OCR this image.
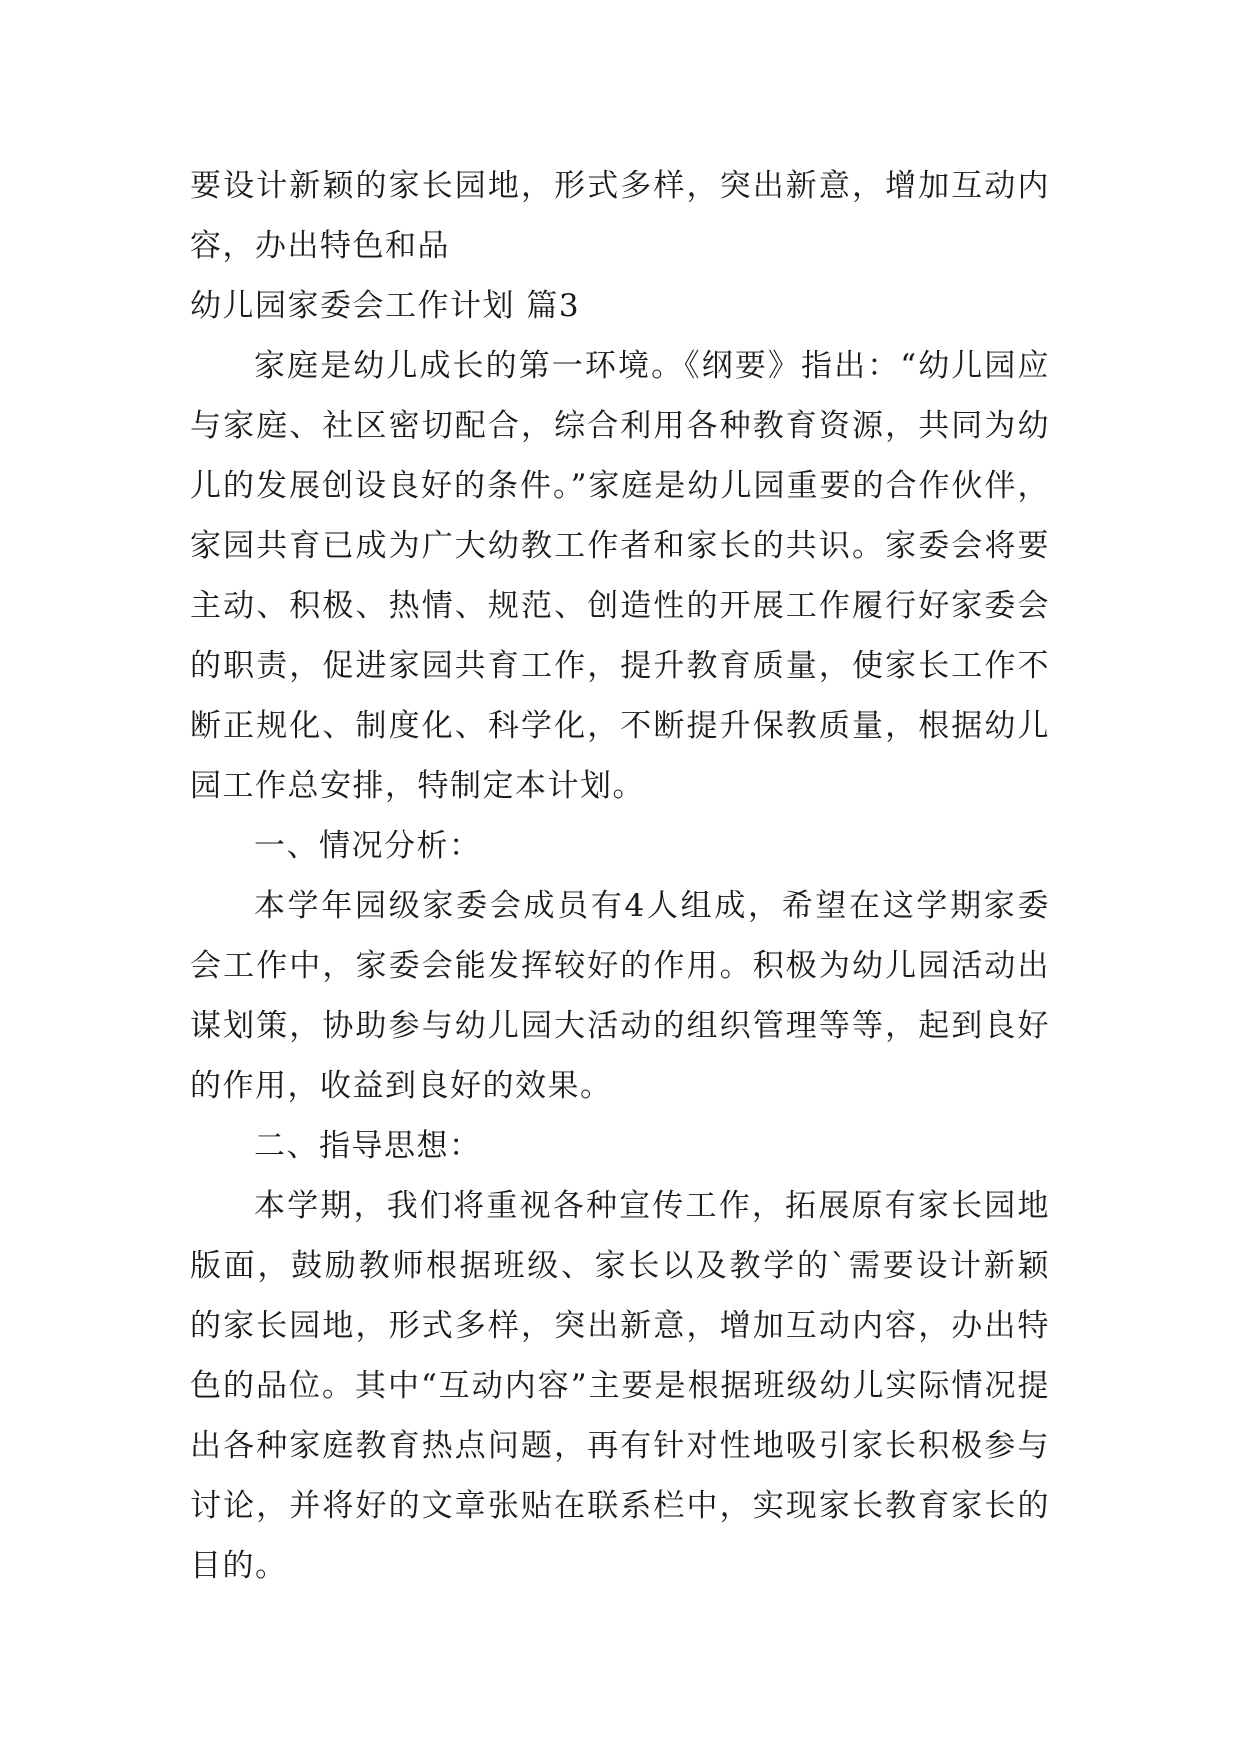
要设计新颖的家长园地，形式多样，突出新意，增加互动内容，办出特色和品

幼儿园家委会工作计划 篇3

家庭是幼儿成长的第一环境。《纲要》指出：“幼儿园应与家庭、社区密切配合，综合利用各种教育资源，共同为幼儿的发展创设良好的条件。”家庭是幼儿园重要的合作伙伴，家园共育已成为广大幼教工作者和家长的共识。家委会将要主动、积极、热情、规范、创造性的开展工作履行好家委会的职责，促进家园共育工作，提升教育质量，使家长工作不断正规化、制度化、科学化，不断提升保教质量，根据幼儿园工作总安排，特制定本计划。

一、情况分析：

本学年园级家委会成员有4人组成，希望在这学期家委会工作中，家委会能发挥较好的作用。积极为幼儿园活动出谋划策，协助参与幼儿园大活动的组织管理等等，起到良好的作用，收益到良好的效果。

二、指导思想：

本学期，我们将重视各种宣传工作，拓展原有家长园地版面，鼓励教师根据班级、家长以及教学的`需要设计新颖的家长园地，形式多样，突出新意，增加互动内容，办出特色的品位。其中“互动内容”主要是根据班级幼儿实际情况提出各种家庭教育热点问题，再有针对性地吸引家长积极参与讨论，并将好的文章张贴在联系栏中，实现家长教育家长的目的。
